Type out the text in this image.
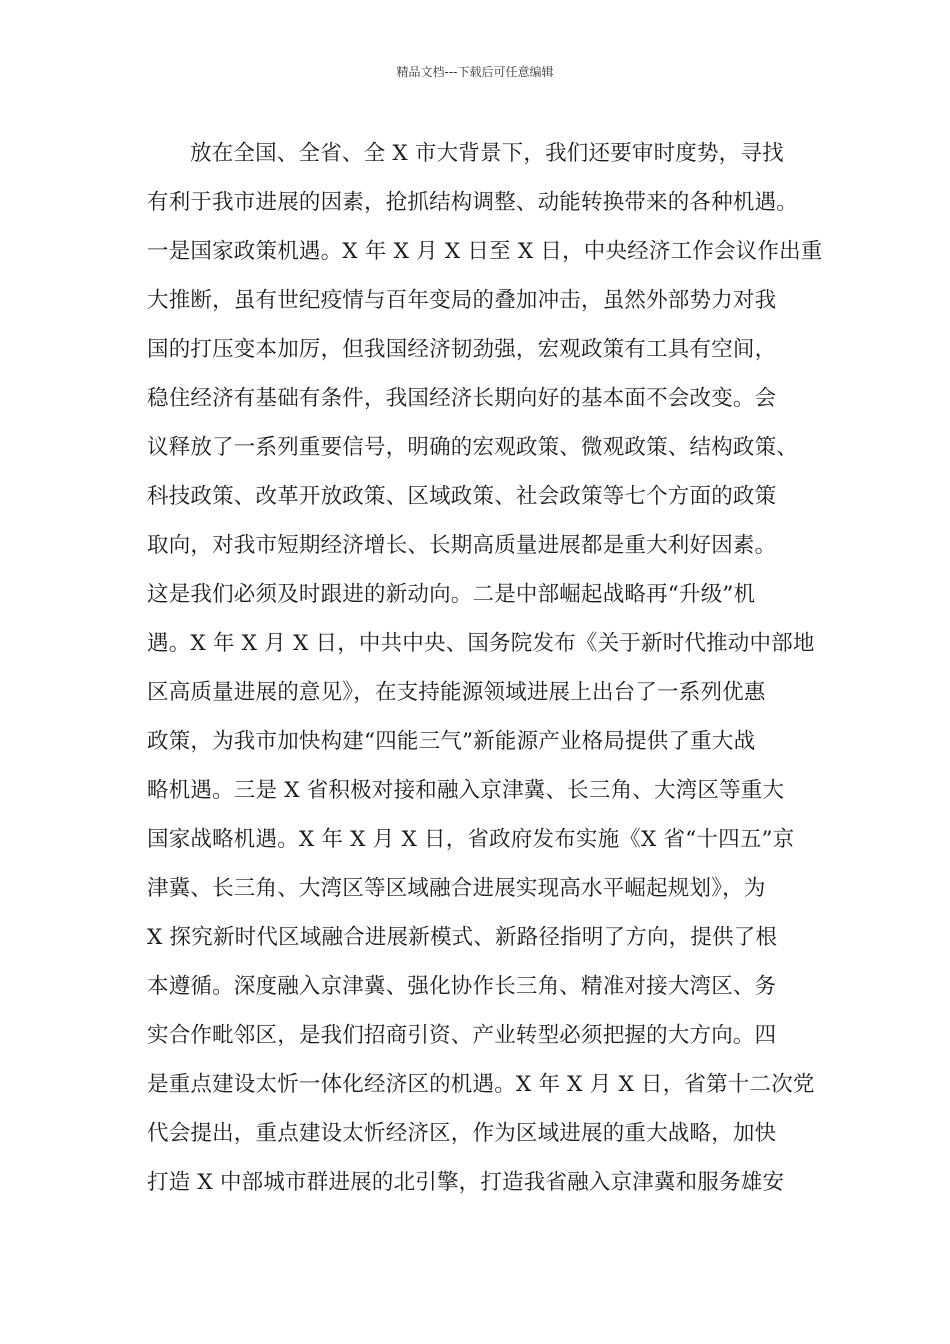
精品文档---下载后可任意编辑
放在全国、全省、全 X 市大背景下，我们还要审时度势，寻找
有利于我市进展的因素，抢抓结构调整、动能转换带来的各种机遇。
一是国家政策机遇。X 年 X 月 X 日至 X 日，中央经济工作会议作出重
大推断，虽有世纪疫情与百年变局的叠加冲击，虽然外部势力对我
国的打压变本加厉，但我国经济韧劲强，宏观政策有工具有空间，
稳住经济有基础有条件，我国经济长期向好的基本面不会改变。会
议释放了一系列重要信号，明确的宏观政策、微观政策、结构政策、
科技政策、改革开放政策、区域政策、社会政策等七个方面的政策
取向，对我市短期经济增长、长期高质量进展都是重大利好因素。
这是我们必须及时跟进的新动向。二是中部崛起战略再“升级”机
遇。X 年 X 月 X 日，中共中央、国务院发布《关于新时代推动中部地
区高质量进展的意见》，在支持能源领域进展上出台了一系列优惠
政策，为我市加快构建“四能三气”新能源产业格局提供了重大战
略机遇。三是 X 省积极对接和融入京津冀、长三角、大湾区等重大
国家战略机遇。X 年 X 月 X 日，省政府发布实施《X 省“十四五”京
津冀、长三角、大湾区等区域融合进展实现高水平崛起规划》，为
X 探究新时代区域融合进展新模式、新路径指明了方向，提供了根
本遵循。深度融入京津冀、强化协作长三角、精准对接大湾区、务
实合作毗邻区，是我们招商引资、产业转型必须把握的大方向。四
是重点建设太忻一体化经济区的机遇。X 年 X 月 X 日，省第十二次党
代会提出，重点建设太忻经济区，作为区域进展的重大战略，加快
打造 X 中部城市群进展的北引擎，打造我省融入京津冀和服务雄安
